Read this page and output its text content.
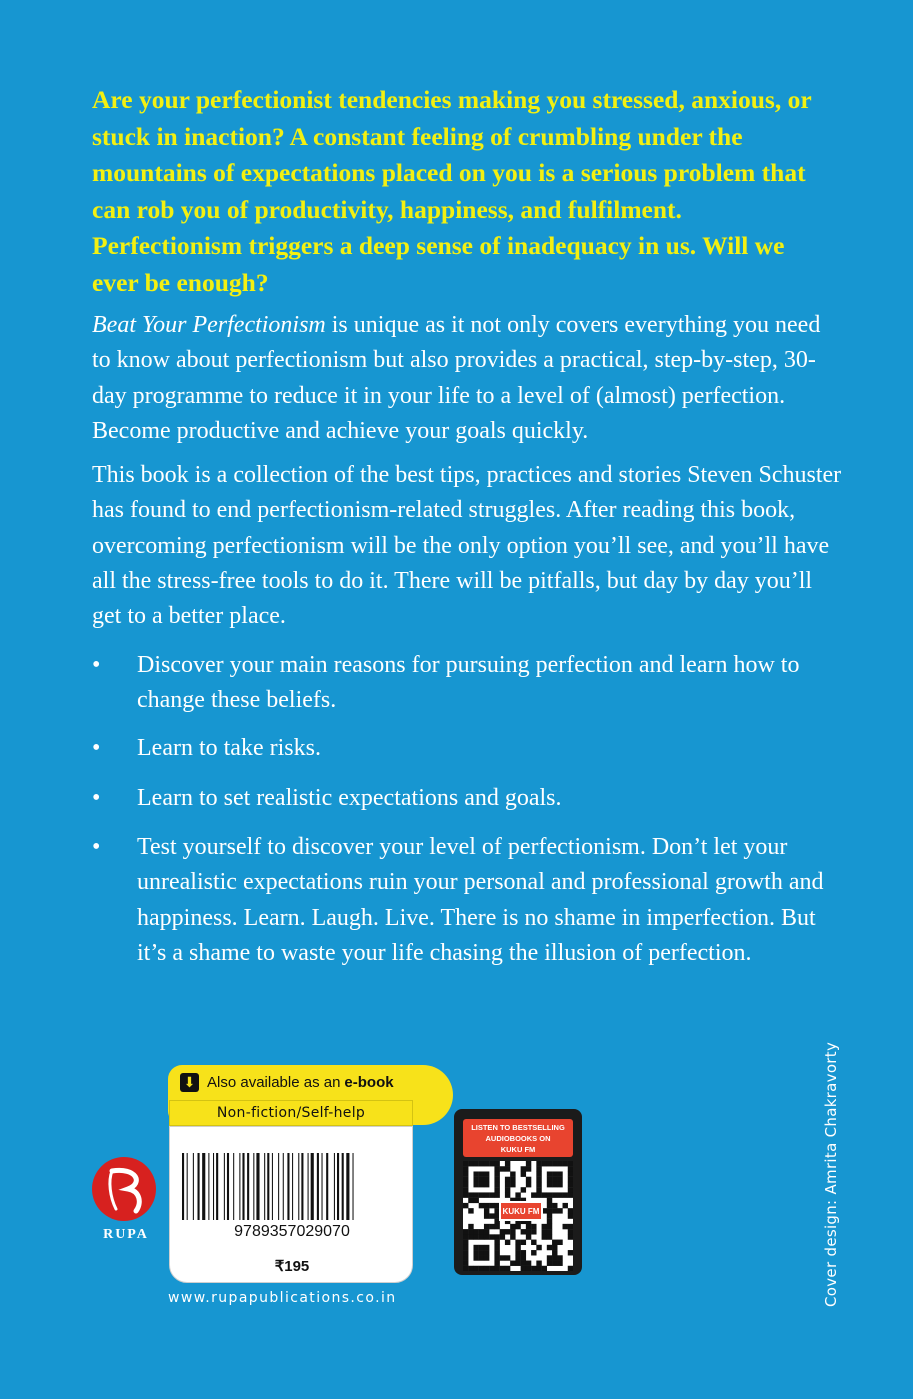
Are your perfectionist tendencies making you stressed, anxious, or stuck in inaction? A constant feeling of crumbling under the mountains of expectations placed on you is a serious problem that can rob you of productivity, happiness, and fulfilment. Perfectionism triggers a deep sense of inadequacy in us. Will we ever be enough?

Beat Your Perfectionism is unique as it not only covers everything you need to know about perfectionism but also provides a practical, step-by-step, 30-day programme to reduce it in your life to a level of (almost) perfection. Become productive and achieve your goals quickly.

This book is a collection of the best tips, practices and stories Steven Schuster has found to end perfectionism-related struggles. After reading this book, overcoming perfectionism will be the only option you’ll see, and you’ll have all the stress-free tools to do it. There will be pitfalls, but day by day you’ll get to a better place.

•	Discover your main reasons for pursuing perfection and learn how to change these beliefs.
•	Learn to take risks.
•	Learn to set realistic expectations and goals.
•	Test yourself to discover your level of perfectionism. Don’t let your unrealistic expectations ruin your personal and professional growth and happiness. Learn. Laugh. Live. There is no shame in imperfection. But it’s a shame to waste your life chasing the illusion of perfection.
RUPA
⬇ Also available as an e-book
Non-fiction/Self-help
9789357029070
₹195
www.rupapublications.co.in
LISTEN TO BESTSELLING
AUDIOBOOKS ON
KUKU FM
KUKU FM	Cover design: Amrita Chakravorty
